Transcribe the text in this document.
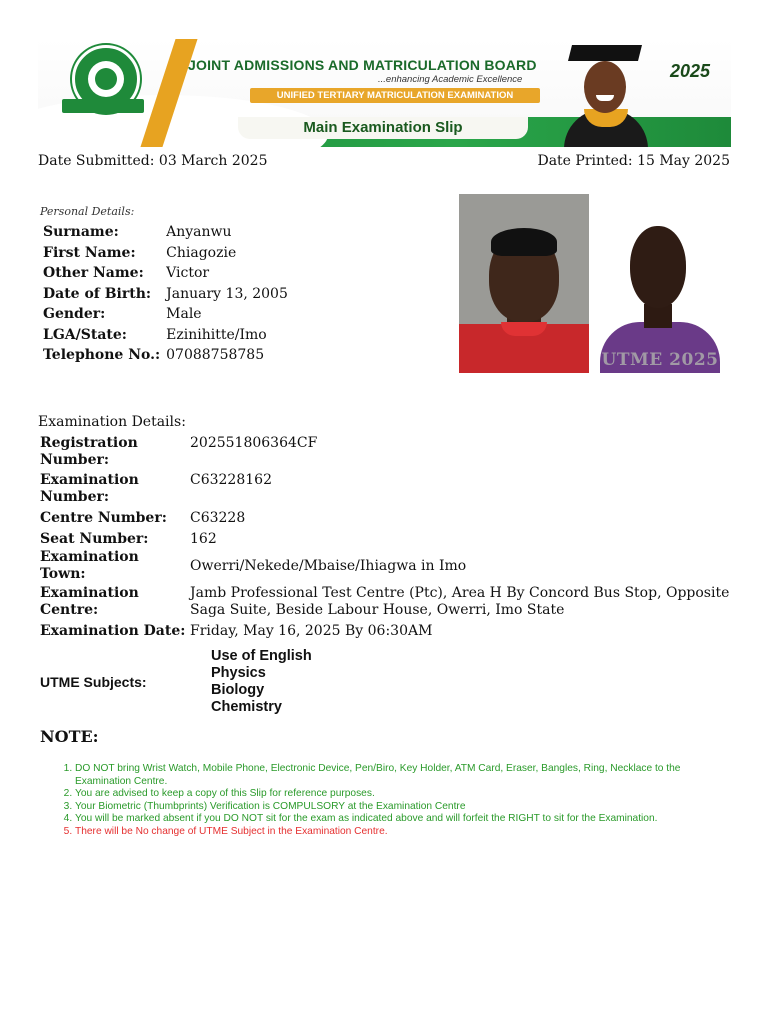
JOINT ADMISSIONS AND MATRICULATION BOARD
...enhancing Academic Excellence
UNIFIED TERTIARY MATRICULATION EXAMINATION
Main Examination Slip
2025
Date Submitted: 03 March 2025	Date Printed: 15 May 2025
Personal Details:
Surname:	Anyanwu
First Name:	Chiagozie
Other Name:	Victor
Date of Birth:	January 13, 2005
Gender:	Male
LGA/State:	Ezinihitte/Imo
Telephone No.:	07088758785	UTME 2025
Examination Details:
Registration Number:	202551806364CF
Examination Number:	C63228162
Centre Number:	C63228
Seat Number:	162
Examination Town:	Owerri/Nekede/Mbaise/Ihiagwa in Imo
Examination Centre:	Jamb Professional Test Centre (Ptc), Area H By Concord Bus Stop, Opposite Saga Suite, Beside Labour House, Owerri, Imo State
Examination Date:	Friday, May 16, 2025 By 06:30AM
UTME Subjects:	Use of English
Physics
Biology
Chemistry
NOTE:
1. DO NOT bring Wrist Watch, Mobile Phone, Electronic Device, Pen/Biro, Key Holder, ATM Card, Eraser, Bangles, Ring, Necklace to the Examination Centre.
2. You are advised to keep a copy of this Slip for reference purposes.
3. Your Biometric (Thumbprints) Verification is COMPULSORY at the Examination Centre
4. You will be marked absent if you DO NOT sit for the exam as indicated above and will forfeit the RIGHT to sit for the Examination.
5. There will be No change of UTME Subject in the Examination Centre.
